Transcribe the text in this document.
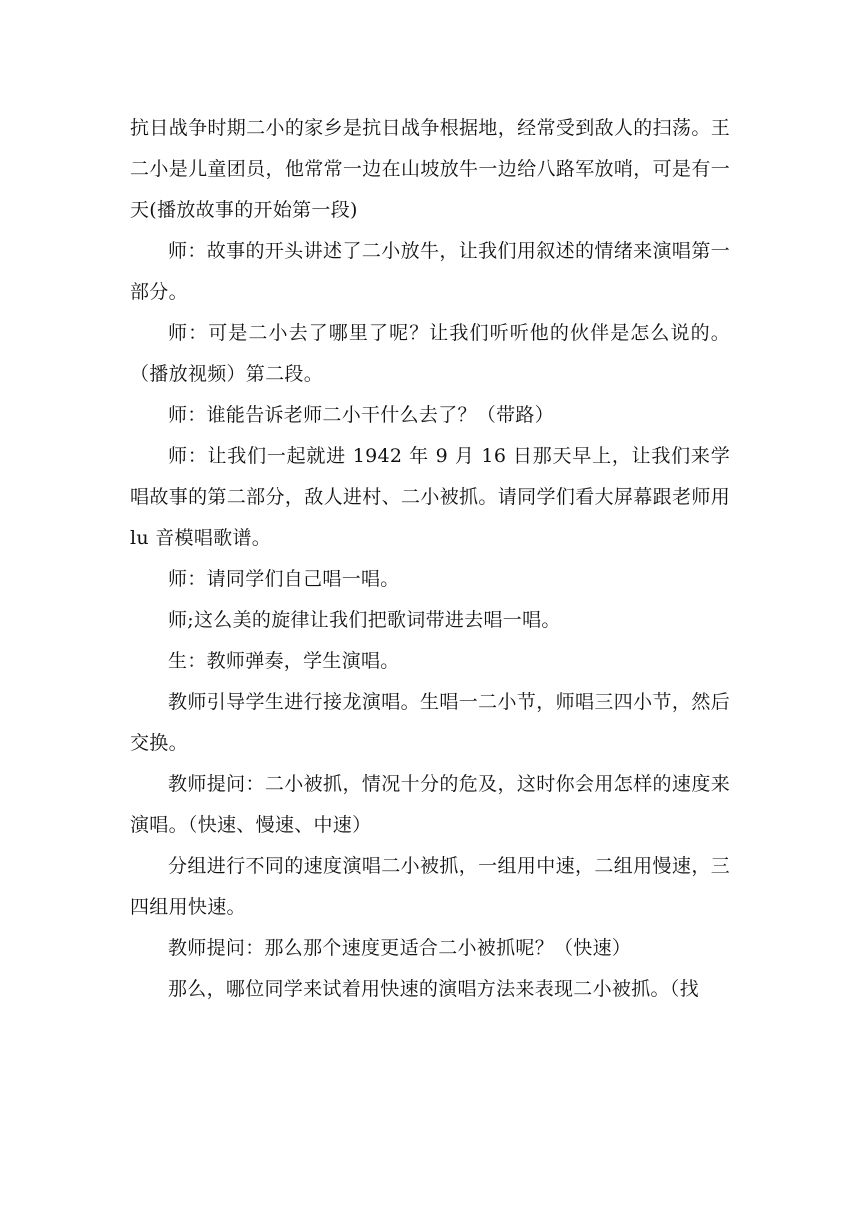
抗日战争时期二小的家乡是抗日战争根据地，经常受到敌人的扫荡。王二小是儿童团员，他常常一边在山坡放牛一边给八路军放哨，可是有一天(播放故事的开始第一段)

师：故事的开头讲述了二小放牛，让我们用叙述的情绪来演唱第一部分。

师：可是二小去了哪里了呢？让我们听听他的伙伴是怎么说的。（播放视频）第二段。

师：谁能告诉老师二小干什么去了？（带路）

师：让我们一起就进 1942 年 9 月 16 日那天早上，让我们来学唱故事的第二部分，敌人进村、二小被抓。请同学们看大屏幕跟老师用 lu 音模唱歌谱。

师：请同学们自己唱一唱。

师;这么美的旋律让我们把歌词带进去唱一唱。

生：教师弹奏，学生演唱。

教师引导学生进行接龙演唱。生唱一二小节，师唱三四小节，然后交换。

教师提问：二小被抓，情况十分的危及，这时你会用怎样的速度来演唱。（快速、慢速、中速）

分组进行不同的速度演唱二小被抓，一组用中速，二组用慢速，三四组用快速。

教师提问：那么那个速度更适合二小被抓呢？（快速）

那么，哪位同学来试着用快速的演唱方法来表现二小被抓。（找
